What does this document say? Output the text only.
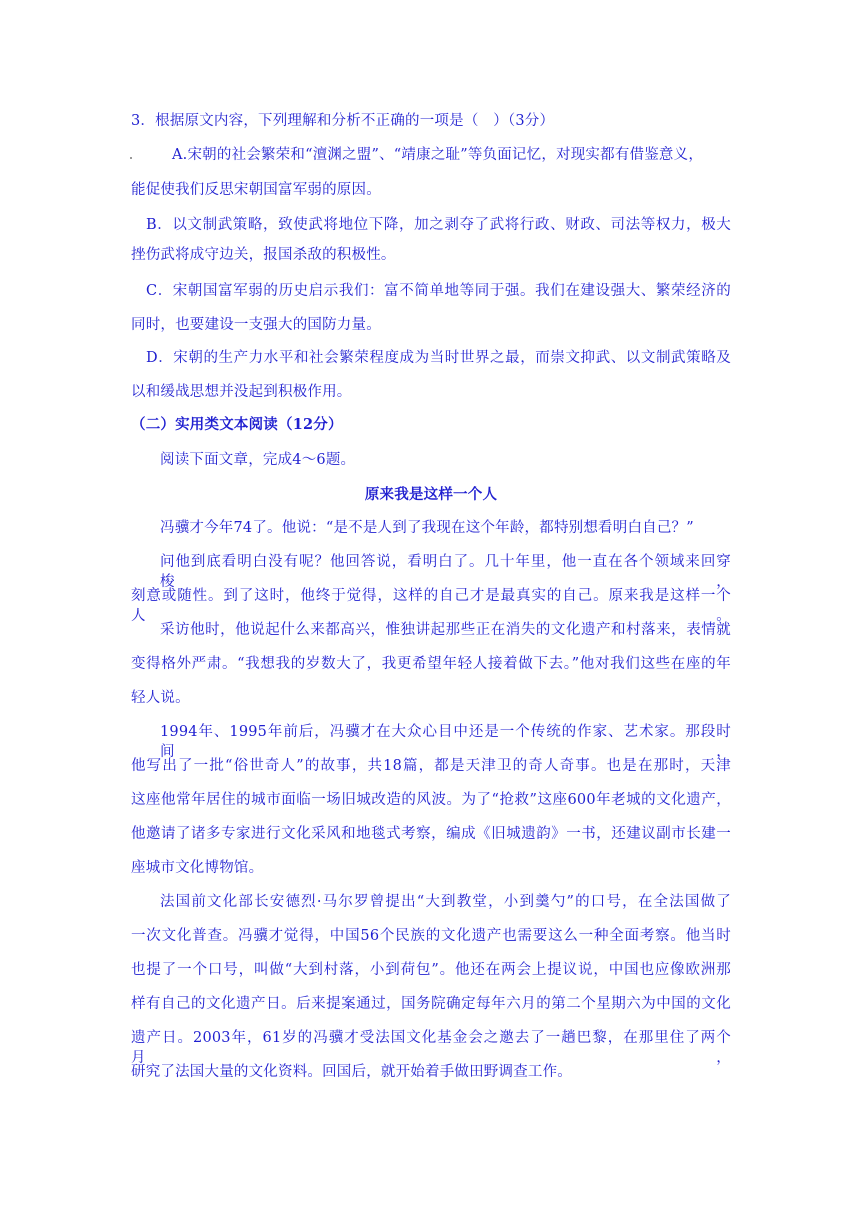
3．根据原文内容，下列理解和分析不正确的一项是（　）（3分）
A.宋朝的社会繁荣和“澶渊之盟”、“靖康之耻”等负面记忆，对现实都有借鉴意义，
能促使我们反思宋朝国富军弱的原因。
B．以文制武策略，致使武将地位下降，加之剥夺了武将行政、财政、司法等权力，极大
挫伤武将成守边关，报国杀敌的积极性。
C．宋朝国富军弱的历史启示我们：富不简单地等同于强。我们在建设强大、繁荣经济的
同时，也要建设一支强大的国防力量。
D．宋朝的生产力水平和社会繁荣程度成为当时世界之最，而崇文抑武、以文制武策略及
以和缓战思想并没起到积极作用。
（二）实用类文本阅读（12分）
阅读下面文章，完成4～6题。
原来我是这样一个人
冯骥才今年74了。他说：“是不是人到了我现在这个年龄，都特别想看明白自己？”
问他到底看明白没有呢？他回答说，看明白了。几十年里，他一直在各个领域来回穿梭，
刻意或随性。到了这时，他终于觉得，这样的自己才是最真实的自己。原来我是这样一个人。
采访他时，他说起什么来都高兴，惟独讲起那些正在消失的文化遗产和村落来，表情就
变得格外严肃。“我想我的岁数大了，我更希望年轻人接着做下去。”他对我们这些在座的年
轻人说。
1994年、1995年前后，冯骥才在大众心目中还是一个传统的作家、艺术家。那段时间，
他写出了一批“俗世奇人”的故事，共18篇，都是天津卫的奇人奇事。也是在那时，天津
这座他常年居住的城市面临一场旧城改造的风波。为了“抢救”这座600年老城的文化遗产，
他邀请了诸多专家进行文化采风和地毯式考察，编成《旧城遗韵》一书，还建议副市长建一
座城市文化博物馆。
法国前文化部长安德烈·马尔罗曾提出“大到教堂，小到羹勺”的口号，在全法国做了
一次文化普查。冯骥才觉得，中国56个民族的文化遗产也需要这么一种全面考察。他当时
也提了一个口号，叫做“大到村落，小到荷包”。他还在两会上提议说，中国也应像欧洲那
样有自己的文化遗产日。后来提案通过，国务院确定每年六月的第二个星期六为中国的文化
遗产日。2003年，61岁的冯骥才受法国文化基金会之邀去了一趟巴黎，在那里住了两个月，
研究了法国大量的文化资料。回国后，就开始着手做田野调查工作。
